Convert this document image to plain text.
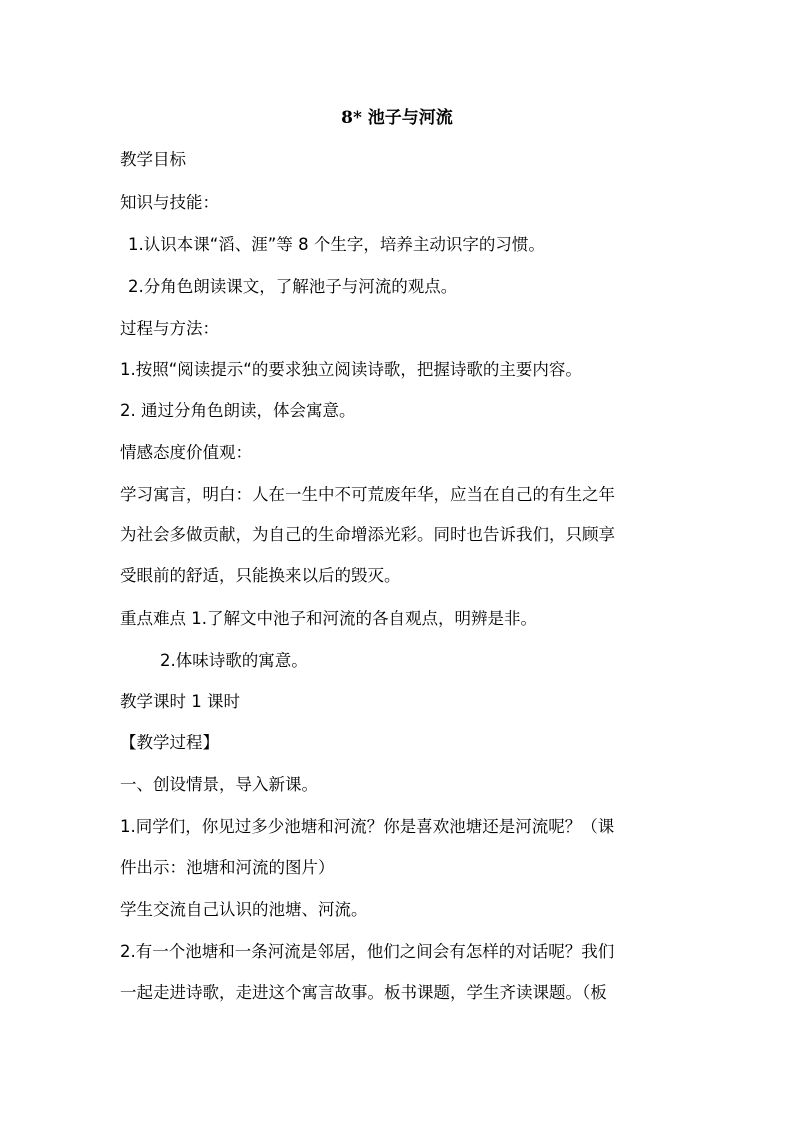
8* 池子与河流
教学目标
知识与技能：
1.认识本课“滔、涯”等 8 个生字，培养主动识字的习惯。
2.分角色朗读课文，了解池子与河流的观点。
过程与方法：
1.按照“阅读提示“的要求独立阅读诗歌，把握诗歌的主要内容。
2. 通过分角色朗读，体会寓意。
情感态度价值观：
学习寓言，明白：人在一生中不可荒废年华，应当在自己的有生之年
为社会多做贡献，为自己的生命增添光彩。同时也告诉我们，只顾享
受眼前的舒适，只能换来以后的毁灭。
重点难点 1.了解文中池子和河流的各自观点，明辨是非。
2.体味诗歌的寓意。
教学课时 1 课时
【教学过程】
一、创设情景，导入新课。
1.同学们，你见过多少池塘和河流？你是喜欢池塘还是河流呢？（课
件出示：池塘和河流的图片）
学生交流自己认识的池塘、河流。
2.有一个池塘和一条河流是邻居，他们之间会有怎样的对话呢？我们
一起走进诗歌，走进这个寓言故事。板书课题，学生齐读课题。（板
